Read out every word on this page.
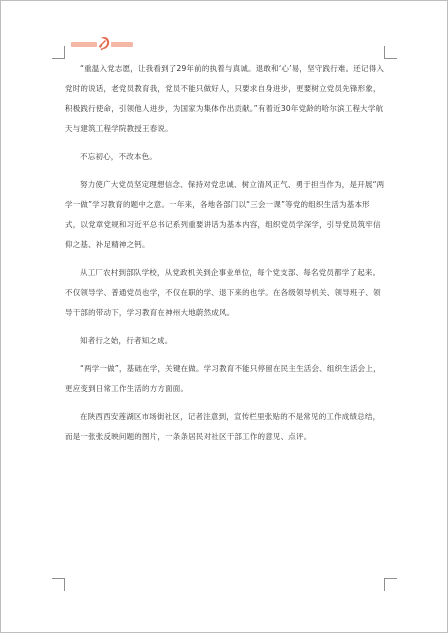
“重温入党志愿，让我看到了29年前的执着与真诚。退敢和‘心’易，坚守践行难。还记得入党时的说话，老党员教育我，党员不能只做好人，只要求自身进步，更要树立党员先锋形象，积极践行使命，引领他人进步，为国家为集体作出贡献。”有着近30年党龄的哈尔滨工程大学航天与建筑工程学院教授王春说。

不忘初心，不改本色。

努力使广大党员坚定理想信念、保持对党忠诚、树立清风正气、勇于担当作为，是开展“两学一做”学习教育的题中之意。一年来，各地各部门以“三会一课”等党的组织生活为基本形式，以党章党规和习近平总书记系列重要讲话为基本内容，组织党员学深学，引导党员筑牢信仰之基、补足精神之钙。

从工厂农村到部队学校，从党政机关到企事业单位，每个党支部、每名党员都学了起来。不仅领导学、普通党员也学，不仅在职的学、退下来的也学。在各级领导机关、领导班子、领导干部的带动下，学习教育在神州大地蔚然成风。

知者行之始，行者知之成。

“两学一做”，基础在学，关键在做。学习教育不能只停留在民主生活会、组织生活会上，更应变到日常工作生活的方方面面。

在陕西西安莲湖区市场街社区，记者注意到，宣传栏里张贴的不是常见的工作成绩总结，而是一张张反映问题的图片，一条条居民对社区干部工作的意见、点评。
